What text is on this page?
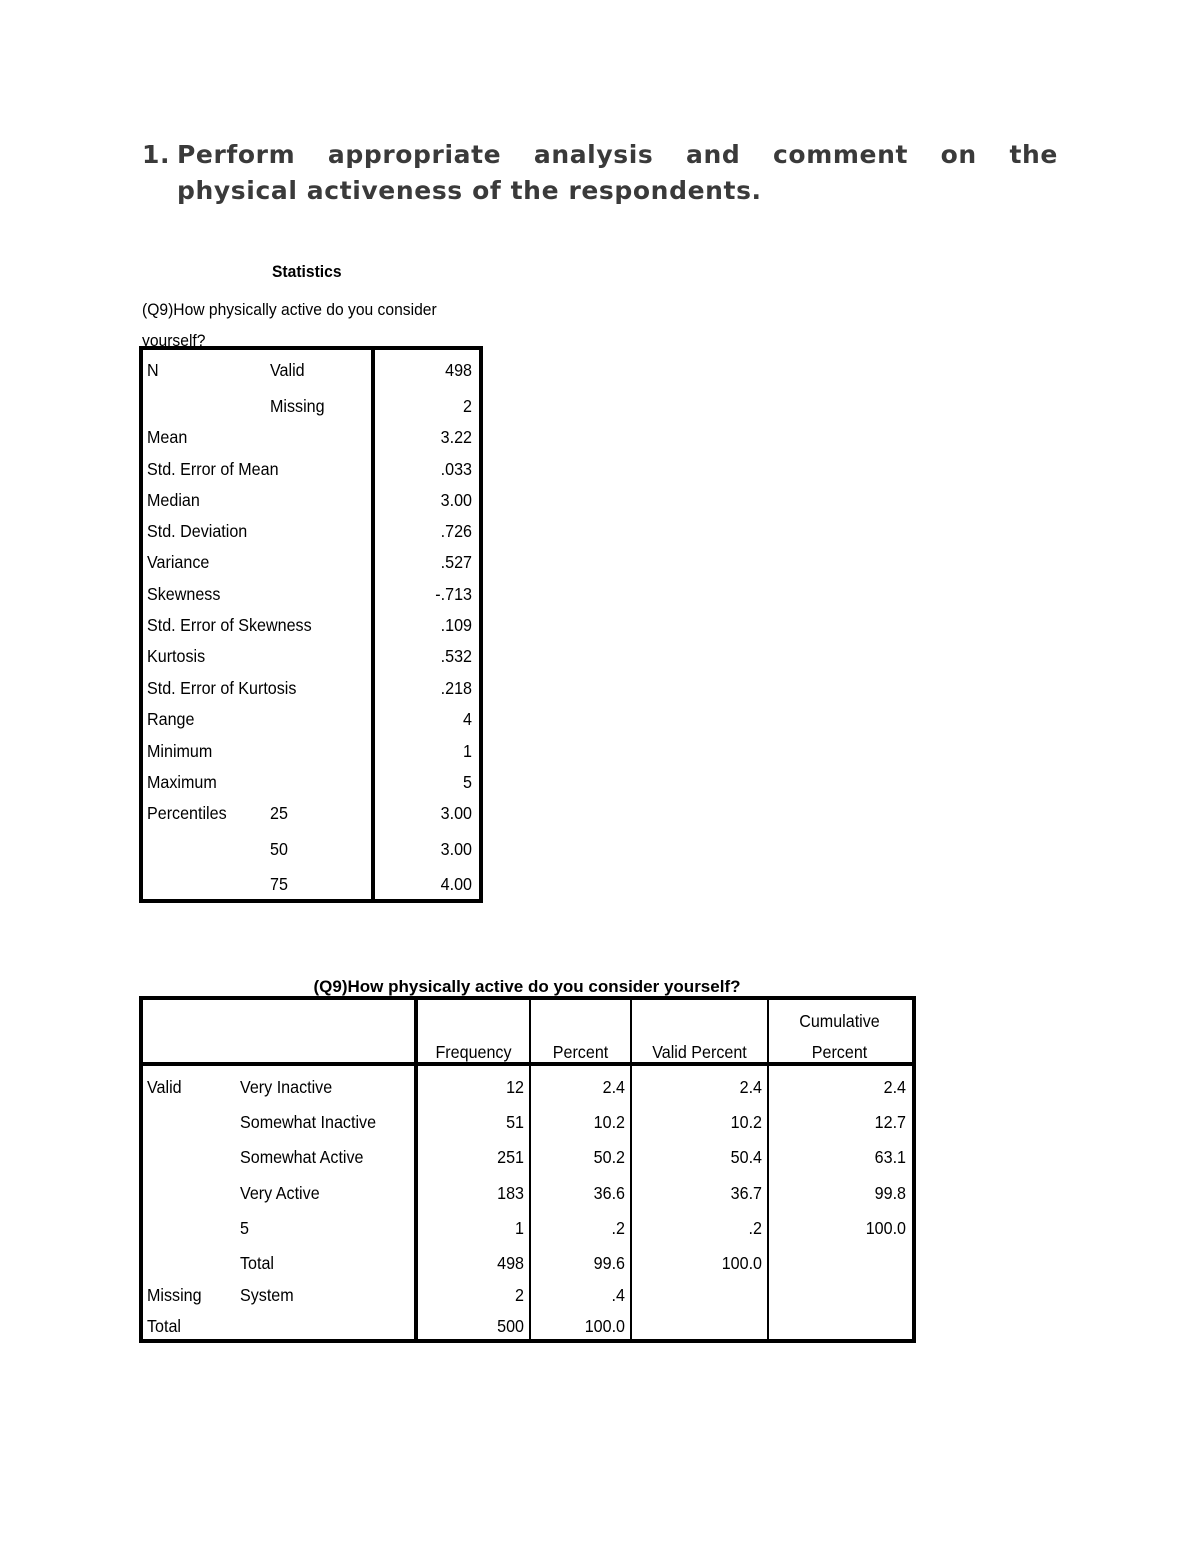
1. Perform appropriate analysis and comment on the
physical activeness of the respondents.
Statistics
(Q9)How physically active do you consider yourself?
N	Valid	498
Missing	2
Mean	3.22
Std. Error of Mean	.033
Median	3.00
Std. Deviation	.726
Variance	.527
Skewness	-.713
Std. Error of Skewness	.109
Kurtosis	.532
Std. Error of Kurtosis	.218
Range	4
Minimum	1
Maximum	5
Percentiles 25	3.00
50	3.00
75	4.00
(Q9)How physically active do you consider yourself?
Frequency	Percent	Valid Percent
Cumulative
Percent
Valid	Very Inactive	12	2.4	2.4	2.4
Somewhat Inactive	51	10.2	10.2	12.7
Somewhat Active	251	50.2	50.4	63.1
Very Active	183	36.6	36.7	99.8
5	1	.2	.2	100.0
Total	498	99.6	100.0
Missing System	2	.4
Total	500	100.0
